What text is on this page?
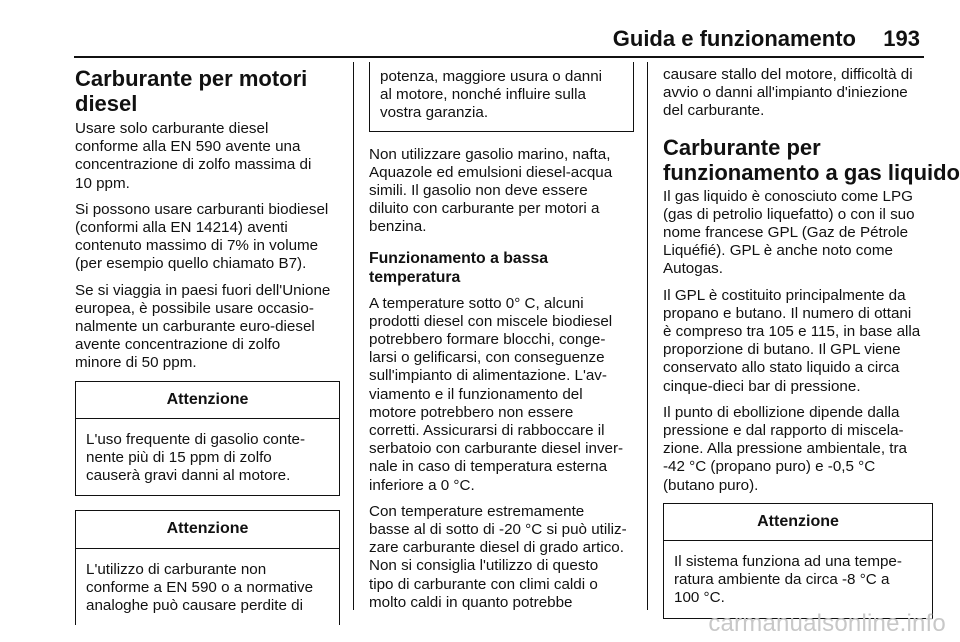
Guida e funzionamento 193
Carburante per motori
diesel

Usare solo carburante diesel
conforme alla EN 590 avente una
concentrazione di zolfo massima di
10 ppm.

Si possono usare carburanti biodiesel
(conformi alla EN 14214) aventi
contenuto massimo di 7% in volume
(per esempio quello chiamato B7).

Se si viaggia in paesi fuori dell'Unione
europea, è possibile usare occasio-
nalmente un carburante euro-diesel
avente concentrazione di zolfo
minore di 50 ppm.

Attenzione
L'uso frequente di gasolio conte-
nente più di 15 ppm di zolfo
causerà gravi danni al motore.
Attenzione
L'utilizzo di carburante non
conforme a EN 590 o a normative
analoghe può causare perdite di
potenza, maggiore usura o danni
al motore, nonché influire sulla
vostra garanzia.

Non utilizzare gasolio marino, nafta,
Aquazole ed emulsioni diesel-acqua
simili. Il gasolio non deve essere
diluito con carburante per motori a
benzina.

Funzionamento a bassa
temperatura

A temperature sotto 0° C, alcuni
prodotti diesel con miscele biodiesel
potrebbero formare blocchi, conge-
larsi o gelificarsi, con conseguenze
sull'impianto di alimentazione. L'av-
viamento e il funzionamento del
motore potrebbero non essere
corretti. Assicurarsi di rabboccare il
serbatoio con carburante diesel inver-
nale in caso di temperatura esterna
inferiore a 0 °C.

Con temperature estremamente
basse al di sotto di -20 °C si può utiliz-
zare carburante diesel di grado artico.
Non si consiglia l'utilizzo di questo
tipo di carburante con climi caldi o
molto caldi in quanto potrebbe

causare stallo del motore, difficoltà di
avvio o danni all'impianto d'iniezione
del carburante.

Carburante per
funzionamento a gas liquido

Il gas liquido è conosciuto come LPG
(gas di petrolio liquefatto) o con il suo
nome francese GPL (Gaz de Pétrole
Liquéfié). GPL è anche noto come
Autogas.

Il GPL è costituito principalmente da
propano e butano. Il numero di ottani
è compreso tra 105 e 115, in base alla
proporzione di butano. Il GPL viene
conservato allo stato liquido a circa
cinque-dieci bar di pressione.

Il punto di ebollizione dipende dalla
pressione e dal rapporto di miscela-
zione. Alla pressione ambientale, tra
-42 °C (propano puro) e -0,5 °C
(butano puro).

Attenzione
Il sistema funziona ad una tempe-
ratura ambiente da circa -8 °C a
100 °C.
carmanualsonline.info
